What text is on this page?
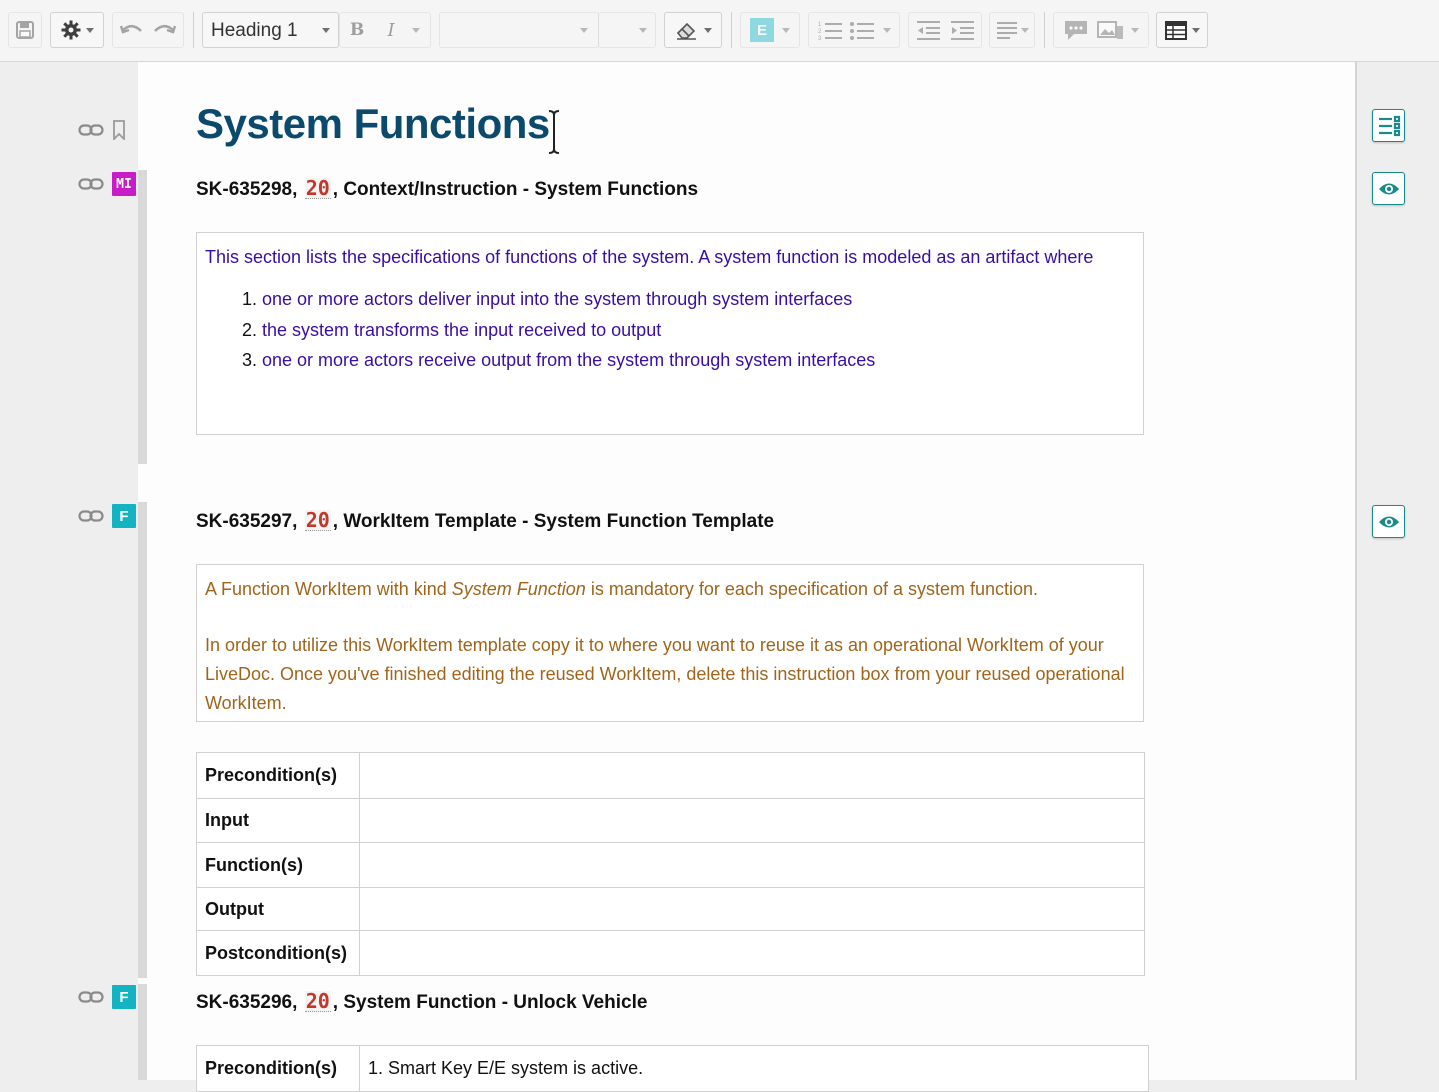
Heading 1	B	I	E	1
2
3
MI
F
F
System Functions
SK-635298, 20 , Context/Instruction - System Functions
This section lists the specifications of functions of the system. A system function is modeled as an artifact where
1. one or more actors deliver input into the system through system interfaces
2. the system transforms the input received to output
3. one or more actors receive output from the system through system interfaces
SK-635297, 20 , WorkItem Template - System Function Template
A Function WorkItem with kind System Function is mandatory for each specification of a system function.
In order to utilize this WorkItem template copy it to where you want to reuse it as an operational WorkItem of your LiveDoc. Once you've finished editing the reused WorkItem, delete this instruction box from your reused operational WorkItem.
Precondition(s)	
Input	
Function(s)	
Output	
Postcondition(s)	
SK-635296, 20 , System Function - Unlock Vehicle
Precondition(s)	1. Smart Key E/E system is active.
